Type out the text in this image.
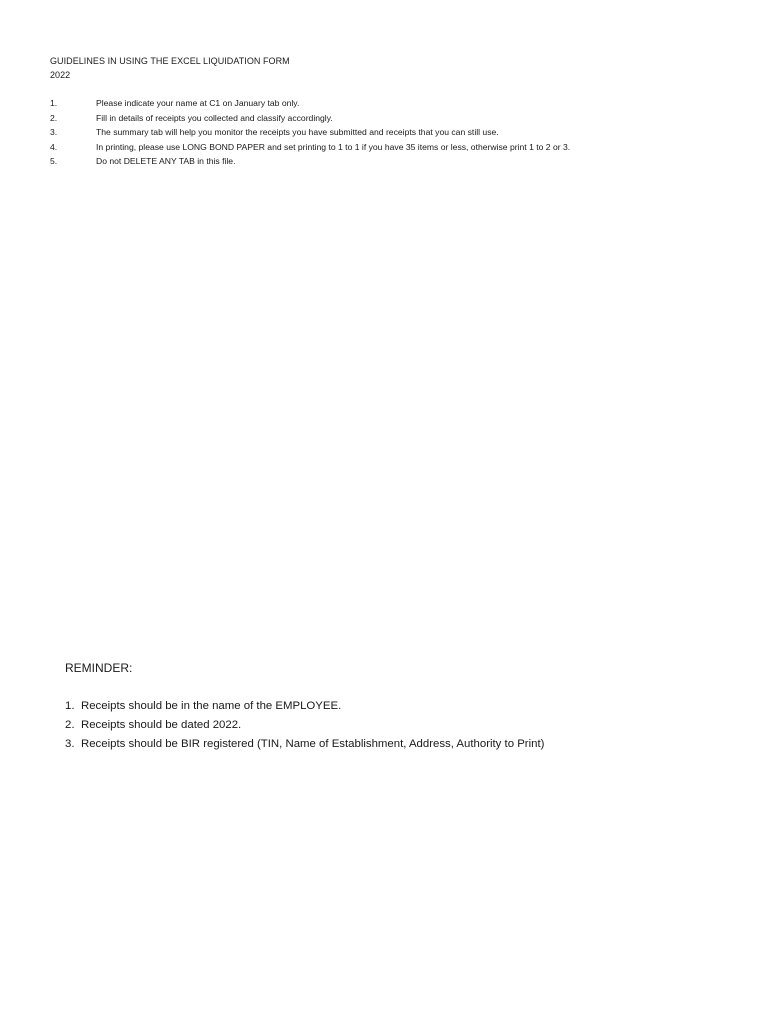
GUIDELINES IN USING THE EXCEL LIQUIDATION FORM
2022
1.	Please indicate your name at C1 on January tab only.
2.	Fill in details of receipts you collected and classify accordingly.
3.	The summary tab will help you monitor the receipts you have submitted and receipts that you can still use.
4.	In printing, please use LONG BOND PAPER and set printing to 1 to 1 if you have 35 items or less, otherwise print 1 to 2 or 3.
5.	Do not DELETE ANY TAB in this file.
REMINDER:
1. Receipts should be in the name of the EMPLOYEE.
2. Receipts should be dated 2022.
3. Receipts should be BIR registered (TIN, Name of Establishment, Address, Authority to Print)
